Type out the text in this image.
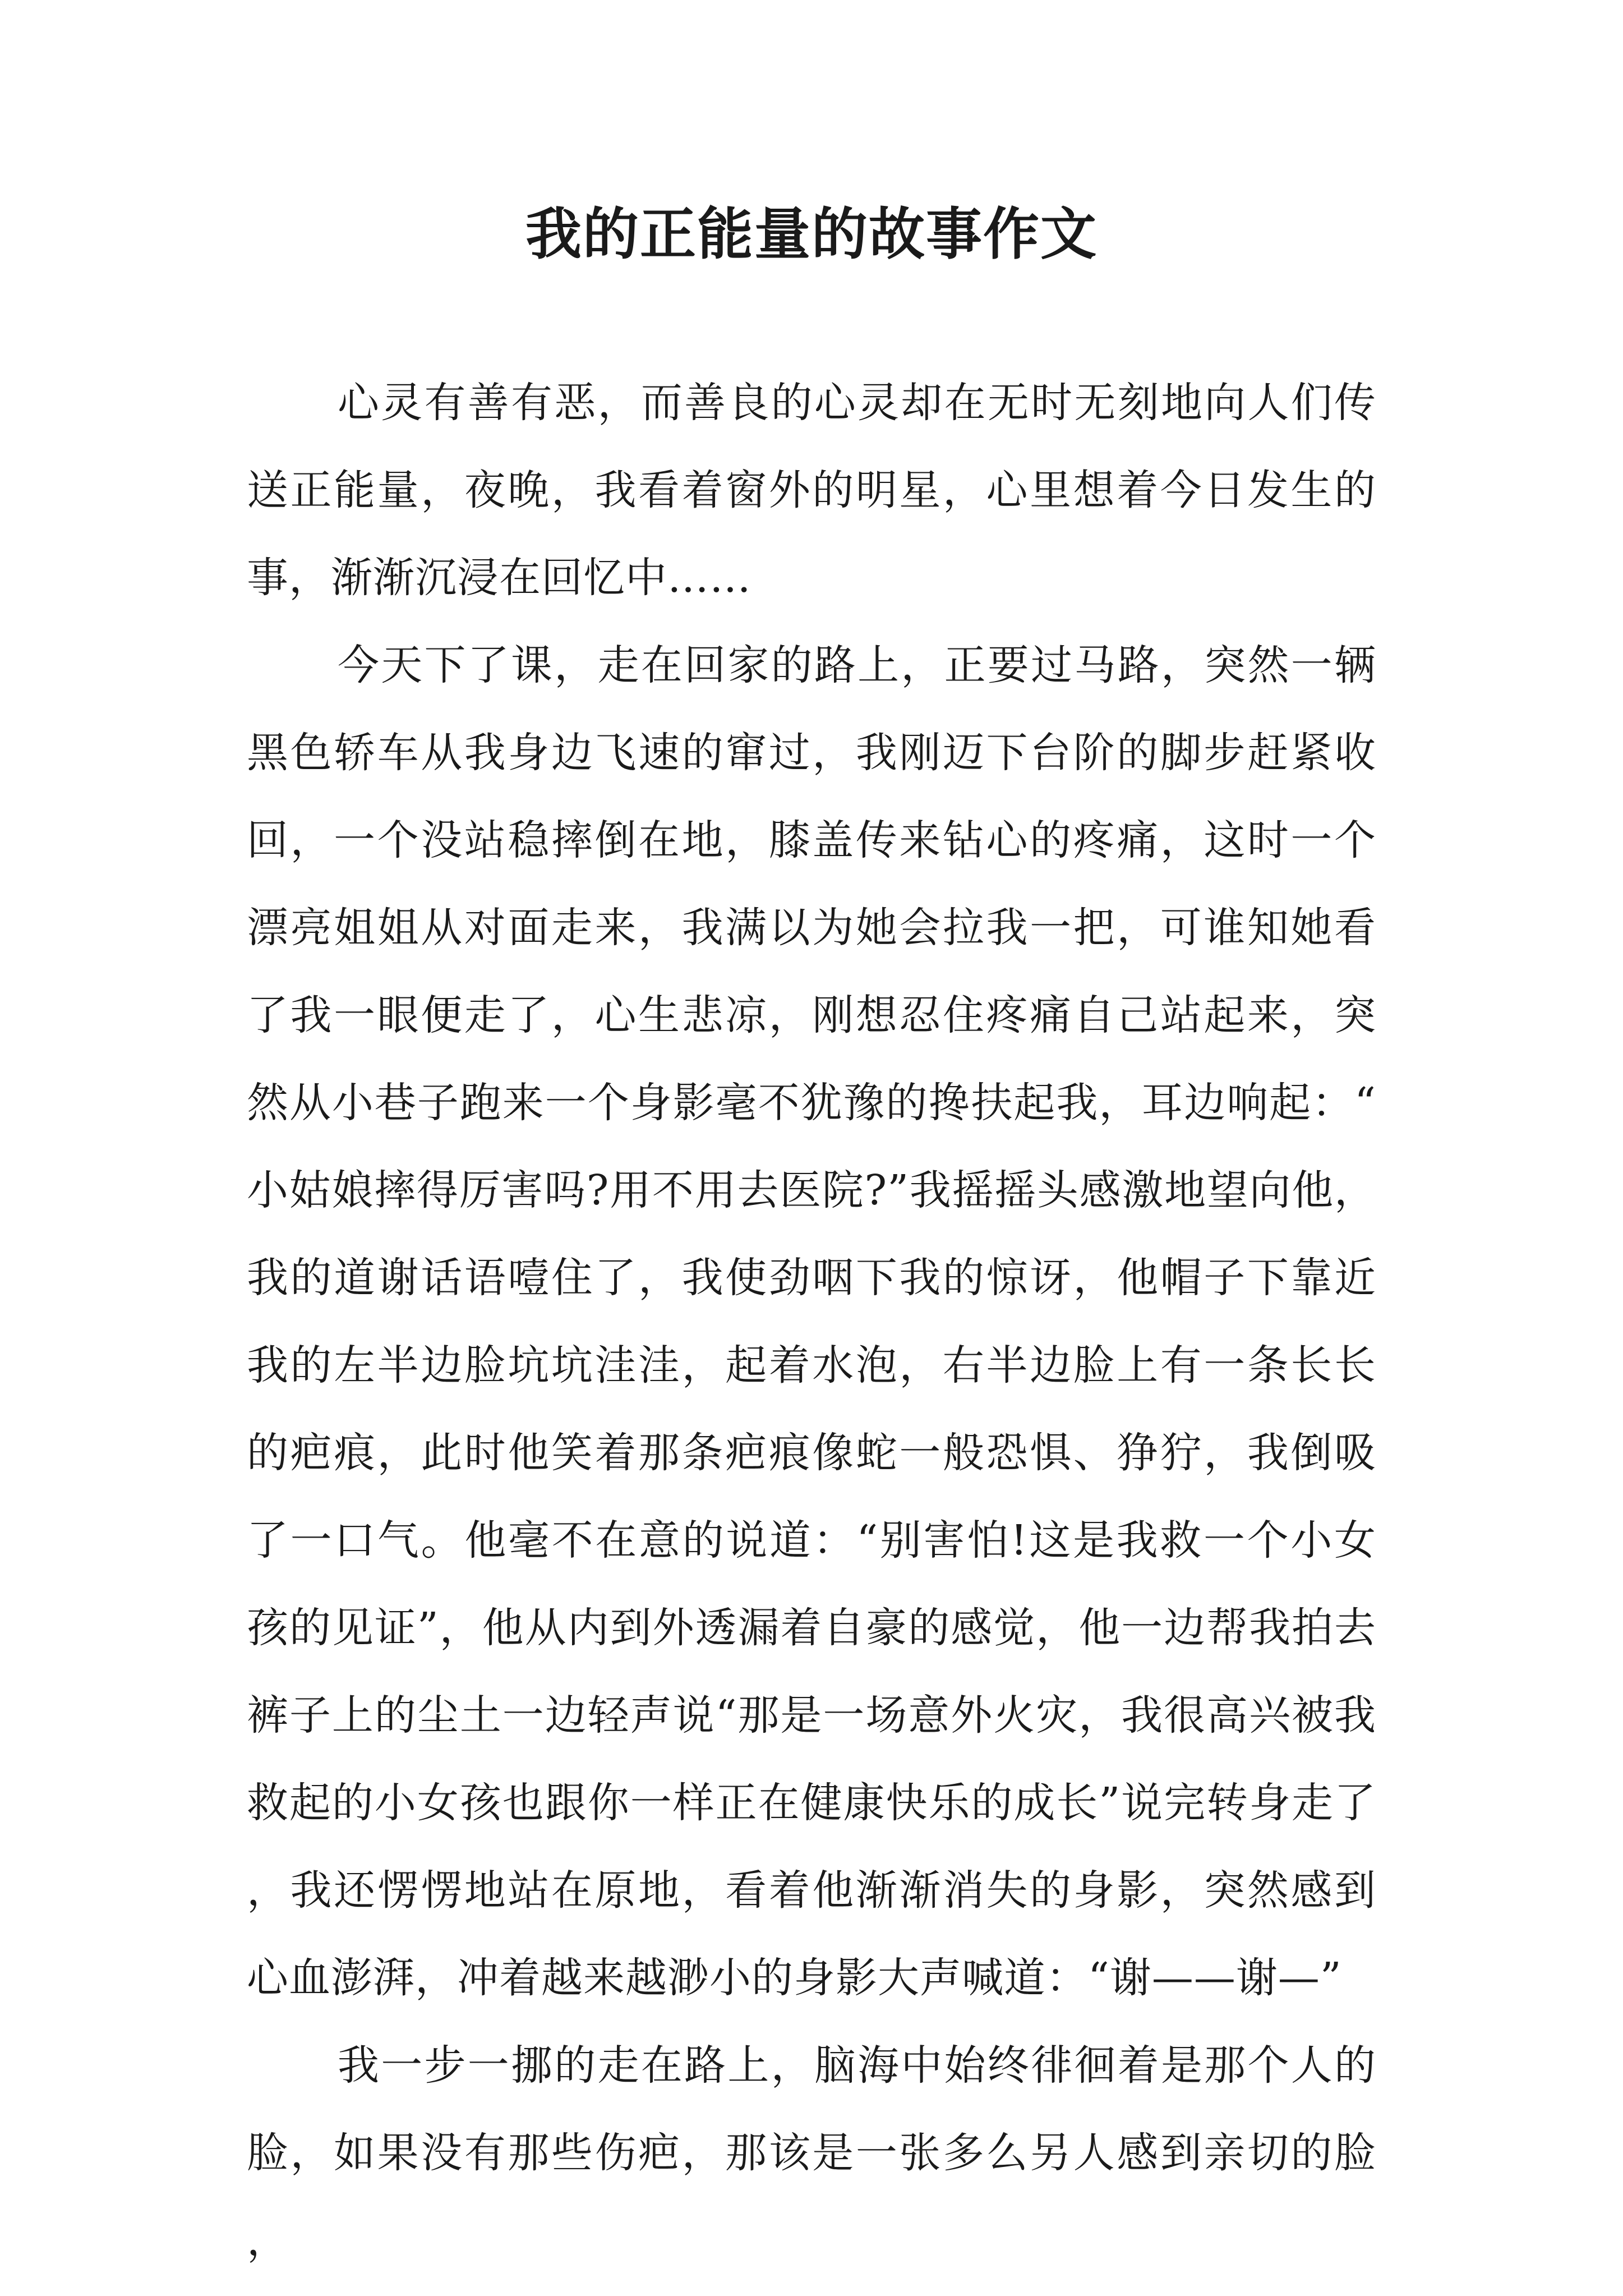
我的正能量的故事作文

心灵有善有恶，而善良的心灵却在无时无刻地向人们传送正能量，夜晚，我看着窗外的明星，心里想着今日发生的事，渐渐沉浸在回忆中……

今天下了课，走在回家的路上，正要过马路，突然一辆黑色轿车从我身边飞速的窜过，我刚迈下台阶的脚步赶紧收回，一个没站稳摔倒在地，膝盖传来钻心的疼痛，这时一个漂亮姐姐从对面走来，我满以为她会拉我一把，可谁知她看了我一眼便走了，心生悲凉，刚想忍住疼痛自己站起来，突然从小巷子跑来一个身影毫不犹豫的搀扶起我，耳边响起：“小姑娘摔得厉害吗?用不用去医院?”我摇摇头感激地望向他，我的道谢话语噎住了，我使劲咽下我的惊讶，他帽子下靠近我的左半边脸坑坑洼洼，起着水泡，右半边脸上有一条长长的疤痕，此时他笑着那条疤痕像蛇一般恐惧、狰狞，我倒吸了一口气。他毫不在意的说道：“别害怕!这是我救一个小女孩的见证”，他从内到外透漏着自豪的感觉，他一边帮我拍去裤子上的尘土一边轻声说“那是一场意外火灾，我很高兴被我救起的小女孩也跟你一样正在健康快乐的成长”说完转身走了，我还愣愣地站在原地，看着他渐渐消失的身影，突然感到心血澎湃，冲着越来越渺小的身影大声喊道：“谢——谢—”

我一步一挪的走在路上，脑海中始终徘徊着是那个人的脸，如果没有那些伤疤，那该是一张多么另人感到亲切的脸，
